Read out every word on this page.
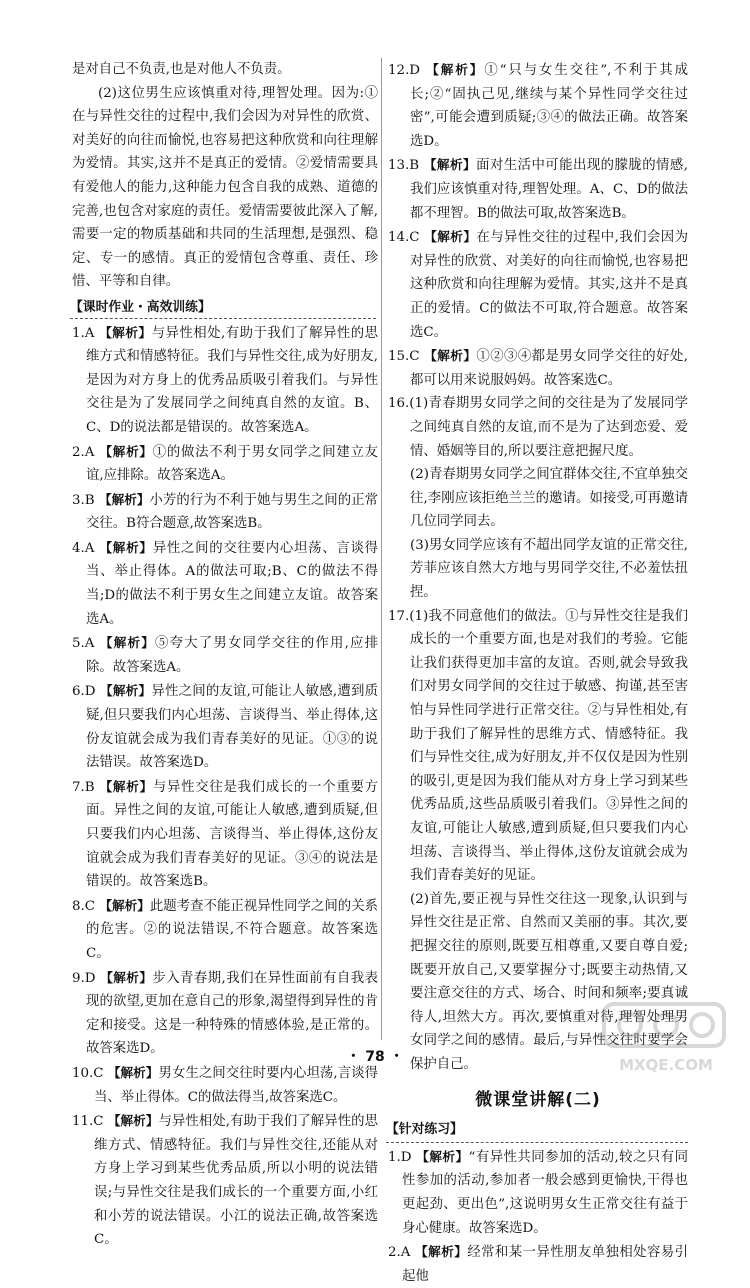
是对自己不负责,也是对他人不负责。

(2)这位男生应该慎重对待,理智处理。因为:①在与异性交往的过程中,我们会因为对异性的欣赏、对美好的向往而愉悦,也容易把这种欣赏和向往理解为爱情。其实,这并不是真正的爱情。②爱情需要具有爱他人的能力,这种能力包含自我的成熟、道德的完善,也包含对家庭的责任。爱情需要彼此深入了解,需要一定的物质基础和共同的生活理想,是强烈、稳定、专一的感情。真正的爱情包含尊重、责任、珍惜、平等和自律。

【课时作业・高效训练】

1.A 【解析】与异性相处,有助于我们了解异性的思维方式和情感特征。我们与异性交往,成为好朋友,是因为对方身上的优秀品质吸引着我们。与异性交往是为了发展同学之间纯真自然的友谊。B、C、D的说法都是错误的。故答案选A。

2.A 【解析】①的做法不利于男女同学之间建立友谊,应排除。故答案选A。

3.B 【解析】小芳的行为不利于她与男生之间的正常交往。B符合题意,故答案选B。

4.A 【解析】异性之间的交往要内心坦荡、言谈得当、举止得体。A的做法可取;B、C的做法不得当;D的做法不利于男女生之间建立友谊。故答案选A。

5.A 【解析】⑤夸大了男女同学交往的作用,应排除。故答案选A。

6.D 【解析】异性之间的友谊,可能让人敏感,遭到质疑,但只要我们内心坦荡、言谈得当、举止得体,这份友谊就会成为我们青春美好的见证。①③的说法错误。故答案选D。

7.B 【解析】与异性交往是我们成长的一个重要方面。异性之间的友谊,可能让人敏感,遭到质疑,但只要我们内心坦荡、言谈得当、举止得体,这份友谊就会成为我们青春美好的见证。③④的说法是错误的。故答案选B。

8.C 【解析】此题考查不能正视异性同学之间的关系的危害。②的说法错误,不符合题意。故答案选C。

9.D 【解析】步入青春期,我们在异性面前有自我表现的欲望,更加在意自己的形象,渴望得到异性的肯定和接受。这是一种特殊的情感体验,是正常的。故答案选D。

10.C 【解析】男女生之间交往时要内心坦荡,言谈得当、举止得体。C的做法得当,故答案选C。

11.C 【解析】与异性相处,有助于我们了解异性的思维方式、情感特征。我们与异性交往,还能从对方身上学习到某些优秀品质,所以小明的说法错误;与异性交往是我们成长的一个重要方面,小红和小芳的说法错误。小江的说法正确,故答案选C。

12.D 【解析】①“只与女生交往”,不利于其成长;②“固执己见,继续与某个异性同学交往过密”,可能会遭到质疑;③④的做法正确。故答案选D。

13.B 【解析】面对生活中可能出现的朦胧的情感,我们应该慎重对待,理智处理。A、C、D的做法都不理智。B的做法可取,故答案选B。

14.C 【解析】在与异性交往的过程中,我们会因为对异性的欣赏、对美好的向往而愉悦,也容易把这种欣赏和向往理解为爱情。其实,这并不是真正的爱情。C的做法不可取,符合题意。故答案选C。

15.C 【解析】①②③④都是男女同学交往的好处,都可以用来说服妈妈。故答案选C。

16.(1)青春期男女同学之间的交往是为了发展同学之间纯真自然的友谊,而不是为了达到恋爱、爱情、婚姻等目的,所以要注意把握尺度。

(2)青春期男女同学之间宜群体交往,不宜单独交往,李刚应该拒绝兰兰的邀请。如接受,可再邀请几位同学同去。

(3)男女同学应该有不超出同学友谊的正常交往,芳菲应该自然大方地与男同学交往,不必羞怯扭捏。

17.(1)我不同意他们的做法。①与异性交往是我们成长的一个重要方面,也是对我们的考验。它能让我们获得更加丰富的友谊。否则,就会导致我们对男女同学间的交往过于敏感、拘谨,甚至害怕与异性同学进行正常交往。②与异性相处,有助于我们了解异性的思维方式、情感特征。我们与异性交往,成为好朋友,并不仅仅是因为性别的吸引,更是因为我们能从对方身上学习到某些优秀品质,这些品质吸引着我们。③异性之间的友谊,可能让人敏感,遭到质疑,但只要我们内心坦荡、言谈得当、举止得体,这份友谊就会成为我们青春美好的见证。

(2)首先,要正视与异性交往这一现象,认识到与异性交往是正常、自然而又美丽的事。其次,要把握交往的原则,既要互相尊重,又要自尊自爱;既要开放自己,又要掌握分寸;既要主动热情,又要注意交往的方式、场合、时间和频率;要真诚待人,坦然大方。再次,要慎重对待,理智处理男女同学之间的感情。最后,与异性交往时要学会保护自己。

微课堂讲解(二)
【针对练习】

1.D 【解析】“有异性共同参加的活动,较之只有同性参加的活动,参加者一般会感到更愉快,干得也更起劲、更出色”,这说明男女生正常交往有益于身心健康。故答案选D。

2.A 【解析】经常和某一异性朋友单独相处容易引起他

・ 78 ・	MXQE.COM
